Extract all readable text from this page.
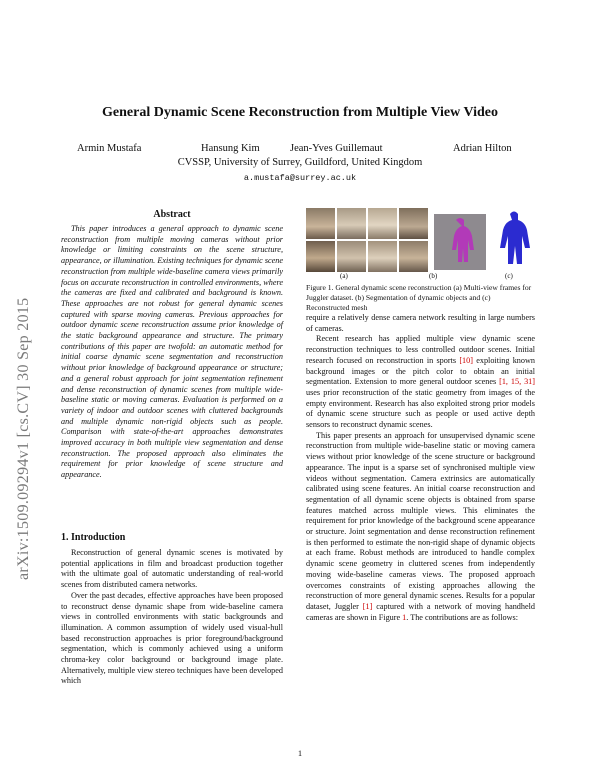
arXiv:1509.09294v1 [cs.CV] 30 Sep 2015
General Dynamic Scene Reconstruction from Multiple View Video
Armin Mustafa	Hansung Kim	Jean-Yves Guillemaut	Adrian Hilton
CVSSP, University of Surrey, Guildford, United Kingdom
a.mustafa@surrey.ac.uk
Abstract
This paper introduces a general approach to dynamic scene reconstruction from multiple moving cameras without prior knowledge or limiting constraints on the scene structure, appearance, or illumination. Existing techniques for dynamic scene reconstruction from multiple wide-baseline camera views primarily focus on accurate reconstruction in controlled environments, where the cameras are fixed and calibrated and background is known. These approaches are not robust for general dynamic scenes captured with sparse moving cameras. Previous approaches for outdoor dynamic scene reconstruction assume prior knowledge of the static background appearance and structure. The primary contributions of this paper are twofold: an automatic method for initial coarse dynamic scene segmentation and reconstruction without prior knowledge of background appearance or structure; and a general robust approach for joint segmentation refinement and dense reconstruction of dynamic scenes from multiple wide-baseline static or moving cameras. Evaluation is performed on a variety of indoor and outdoor scenes with cluttered backgrounds and multiple dynamic non-rigid objects such as people. Comparison with state-of-the-art approaches demonstrates improved accuracy in both multiple view segmentation and dense reconstruction. The proposed approach also eliminates the requirement for prior knowledge of scene structure and appearance.
1. Introduction

Reconstruction of general dynamic scenes is motivated by potential applications in film and broadcast production together with the ultimate goal of automatic understanding of real-world scenes from distributed camera networks.

Over the past decades, effective approaches have been proposed to reconstruct dense dynamic shape from wide-baseline camera views in controlled environments with static backgrounds and illumination. A common assumption of widely used visual-hull based reconstruction approaches is prior foreground/background segmentation, which is commonly achieved using a uniform chroma-key color background or background image plate. Alternatively, multiple view stereo techniques have been developed which

(a)	(b)	(c)
Figure 1. General dynamic scene reconstruction (a) Multi-view frames for Juggler dataset. (b) Segmentation of dynamic objects and (c) Reconstructed mesh

require a relatively dense camera network resulting in large numbers of cameras.

Recent research has applied multiple view dynamic scene reconstruction techniques to less controlled outdoor scenes. Initial research focused on reconstruction in sports [10] exploiting known background images or the pitch color to obtain an initial segmentation. Extension to more general outdoor scenes [1, 15, 31] uses prior reconstruction of the static geometry from images of the empty environment. Research has also exploited strong prior models of dynamic scene structure such as people or used active depth sensors to reconstruct dynamic scenes.

This paper presents an approach for unsupervised dynamic scene reconstruction from multiple wide-baseline static or moving camera views without prior knowledge of the scene structure or background appearance. The input is a sparse set of synchronised multiple view videos without segmentation. Camera extrinsics are automatically calibrated using scene features. An initial coarse reconstruction and segmentation of all dynamic scene objects is obtained from sparse features matched across multiple views. This eliminates the requirement for prior knowledge of the background scene appearance or structure. Joint segmentation and dense reconstruction refinement is then performed to estimate the non-rigid shape of dynamic objects at each frame. Robust methods are introduced to handle complex dynamic scene geometry in cluttered scenes from independently moving wide-baseline cameras views. The proposed approach overcomes constraints of existing approaches allowing the reconstruction of more general dynamic scenes. Results for a popular dataset, Juggler [1] captured with a network of moving handheld cameras are shown in Figure 1. The contributions are as follows:

1
